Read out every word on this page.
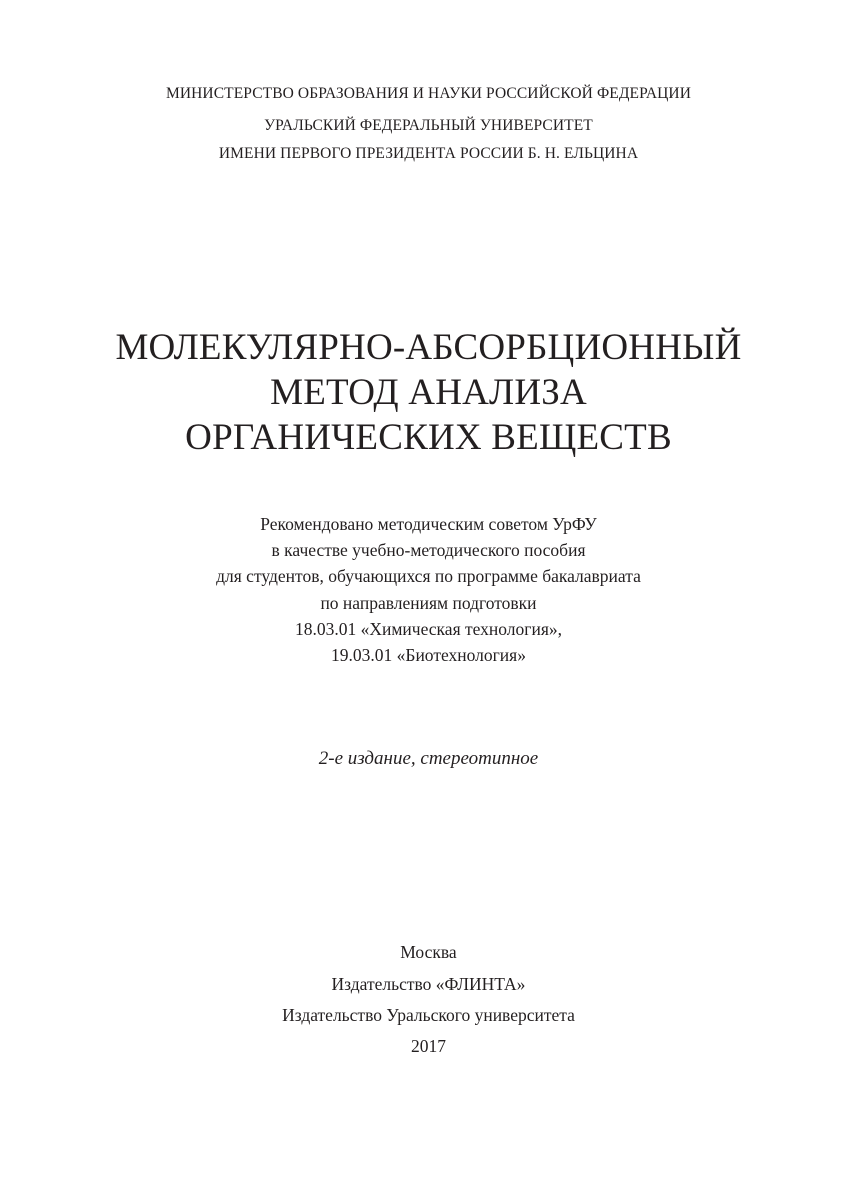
МИНИСТЕРСТВО ОБРАЗОВАНИЯ И НАУКИ РОССИЙСКОЙ ФЕДЕРАЦИИ
УРАЛЬСКИЙ ФЕДЕРАЛЬНЫЙ УНИВЕРСИТЕТ
ИМЕНИ ПЕРВОГО ПРЕЗИДЕНТА РОССИИ Б. Н. ЕЛЬЦИНА
МОЛЕКУЛЯРНО-АБСОРБЦИОННЫЙ
МЕТОД АНАЛИЗА
ОРГАНИЧЕСКИХ ВЕЩЕСТВ
Рекомендовано методическим советом УрФУ
в качестве учебно-методического пособия
для студентов, обучающихся по программе бакалавриата
по направлениям подготовки
18.03.01 «Химическая технология»,
19.03.01 «Биотехнология»
2-е издание, стереотипное
Москва
Издательство «ФЛИНТА»
Издательство Уральского университета
2017
